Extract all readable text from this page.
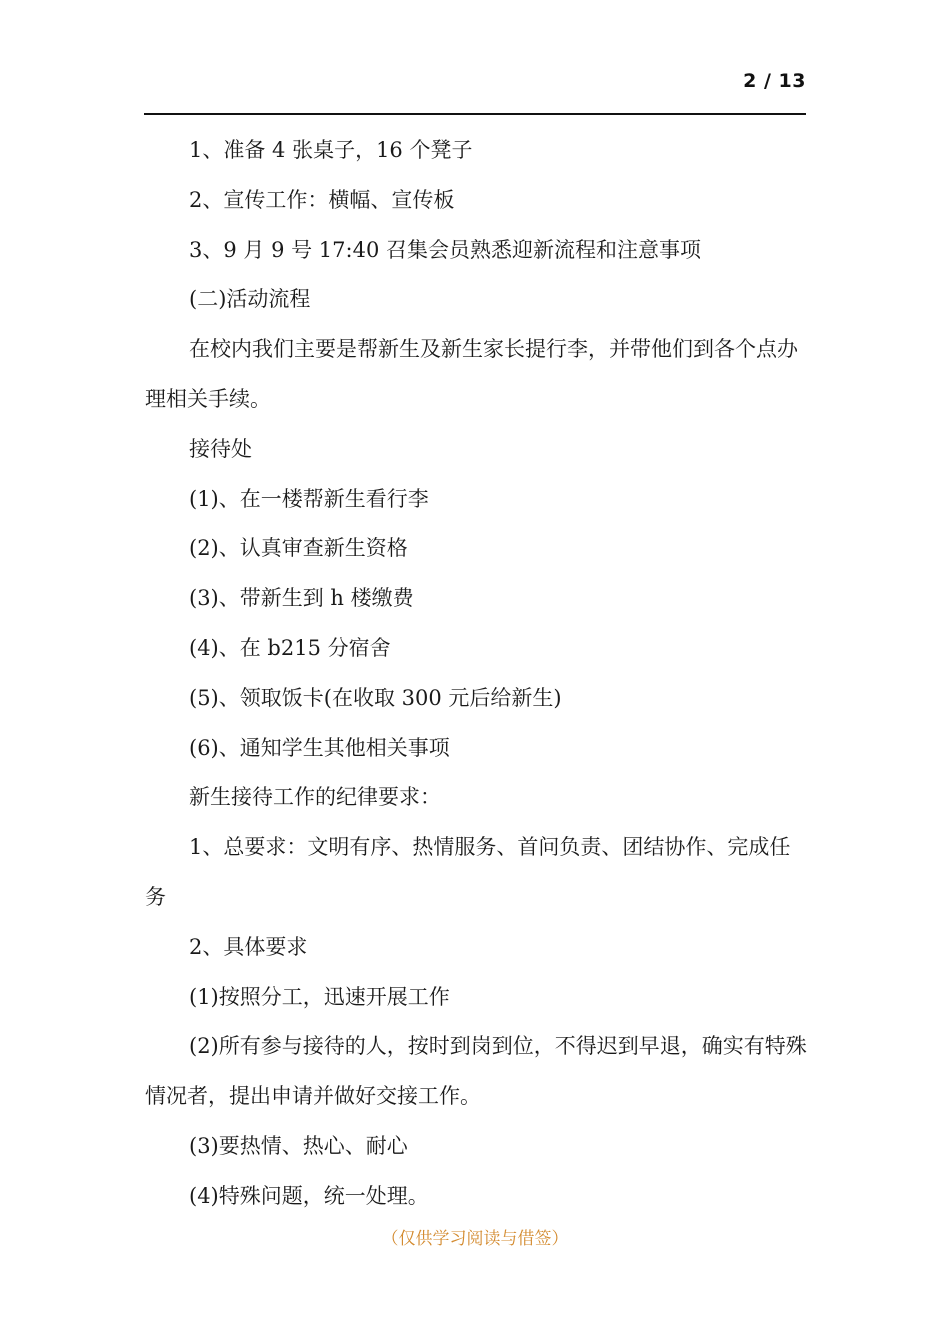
2 / 13

1、准备 4 张桌子，16 个凳子

2、宣传工作：横幅、宣传板

3、9 月 9 号 17:40 召集会员熟悉迎新流程和注意事项

(二)活动流程

在校内我们主要是帮新生及新生家长提行李，并带他们到各个点办理相关手续。

接待处

(1)、在一楼帮新生看行李

(2)、认真审查新生资格

(3)、带新生到 h 楼缴费

(4)、在 b215 分宿舍

(5)、领取饭卡(在收取 300 元后给新生)

(6)、通知学生其他相关事项

新生接待工作的纪律要求：

1、总要求：文明有序、热情服务、首问负责、团结协作、完成任务

2、具体要求

(1)按照分工，迅速开展工作

(2)所有参与接待的人，按时到岗到位，不得迟到早退，确实有特殊情况者，提出申请并做好交接工作。

(3)要热情、热心、耐心

(4)特殊问题，统一处理。

（仅供学习阅读与借签）
